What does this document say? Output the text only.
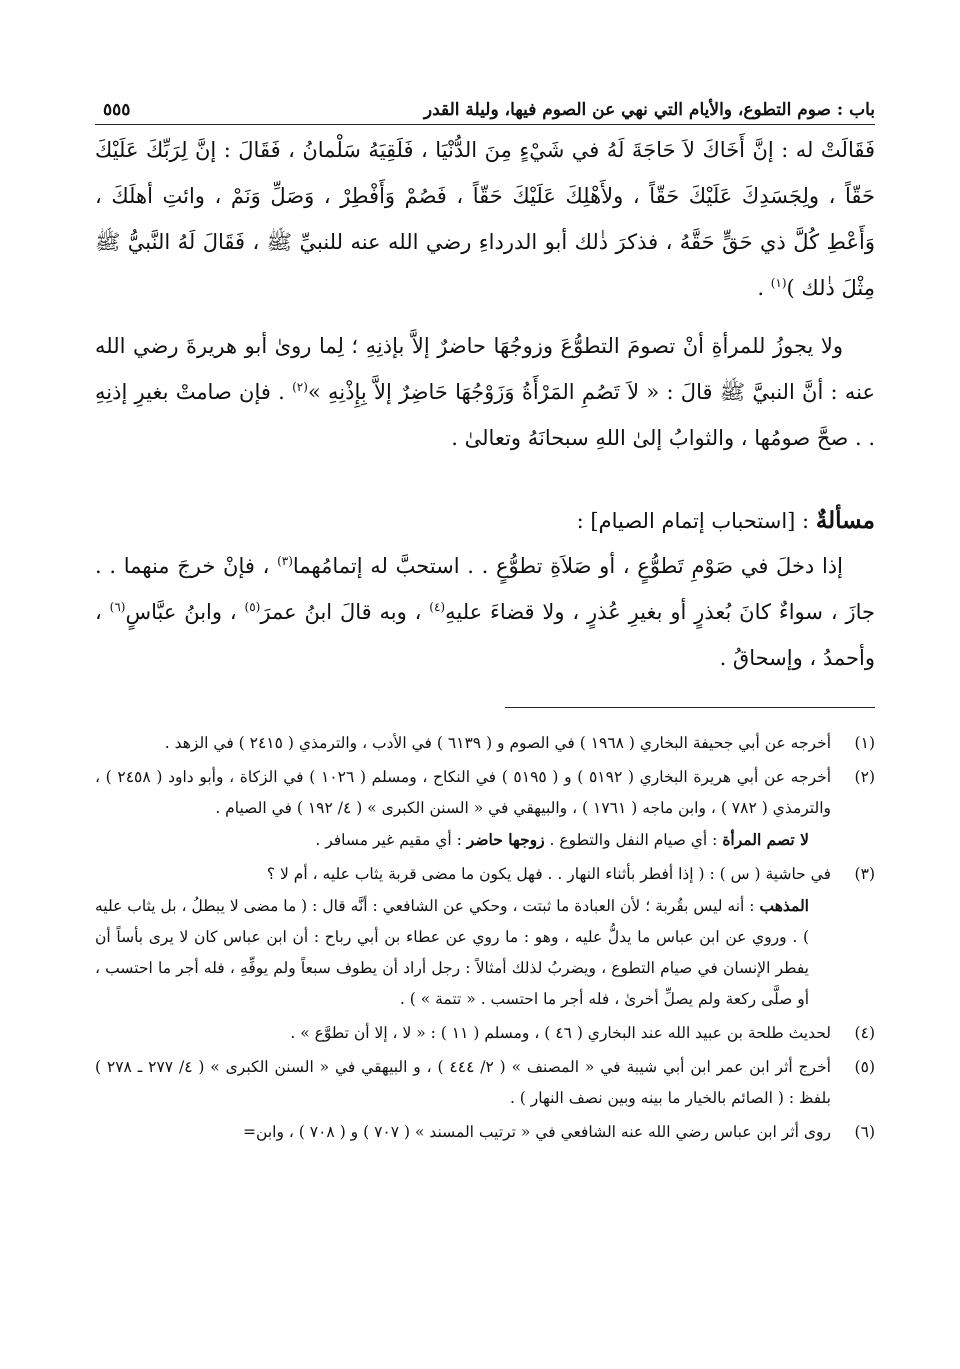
باب : صوم التطوع، والأيام التي نهي عن الصوم فيها، وليلة القدر
٥٥٥

فَقَالَتْ له : إنَّ أَخَاكَ لاَ حَاجَةَ لَهُ في شَيْءٍ مِنَ الدُّنْيَا ، فَلَقِيَهُ سَلْمانُ ، فَقَالَ : إنَّ لِرَبِّكَ عَلَيْكَ حَقّاً ، ولِجَسَدِكَ عَلَيْكَ حَقّاً ، ولأَهْلِكَ عَلَيْكَ حَقّاً ، فَصُمْ وَأَفْطِرْ ، وَصَلِّ وَنَمْ ، وائتِ أهلَكَ ، وَأَعْطِ كُلَّ ذي حَقٍّ حَقَّهُ ، فذكرَ ذٰلك أبو الدرداءِ رضي الله عنه للنبيِّ ﷺ ، فَقَالَ لَهُ النَّبيُّ ﷺ مِثْلَ ذٰلك )$^{(١)}$ .

ولا يجوزُ للمرأةِ أنْ تصومَ التطوُّعَ وزوجُهَا حاضرٌ إلاَّ بإذنِهِ ؛ لِما روىٰ أبو هريرةَ رضي الله عنه : أنَّ النبيَّ ﷺ قالَ : « لاَ تَصُمِ المَرْأَةُ وَزَوْجُهَا حَاضِرٌ إلاَّ بِإِذْنِهِ »$^{(٢)}$ . فإن صامتْ بغيرِ إذنِهِ . . صحَّ صومُها ، والثوابُ إلىٰ اللهِ سبحانَهُ وتعالىٰ .

مسألةٌ : [استحباب إتمام الصيام] :

إذا دخلَ في صَوْمِ تَطوُّعٍ ، أو صَلاَةِ تطوُّعٍ . . استحبَّ له إتمامُهما$^{(٣)}$ ، فإنْ خرجَ منهما . . جازَ ، سواءٌ كانَ بُعذرٍ أو بغيرِ عُذرٍ ، ولا قضاءَ عليهِ$^{(٤)}$ ، وبه قالَ ابنُ عمرَ$^{(٥)}$ ، وابنُ عبَّاسٍ$^{(٦)}$ ، وأحمدُ ، وإسحاقُ .

(١)

أخرجه عن أبي جحيفة البخاري ( ١٩٦٨ ) في الصوم و ( ٦١٣٩ ) في الأدب ، والترمذي ( ٢٤١٥ ) في الزهد .

(٢)

أخرجه عن أبي هريرة البخاري ( ٥١٩٢ ) و ( ٥١٩٥ ) في النكاح ، ومسلم ( ١٠٢٦ ) في الزكاة ، وأبو داود ( ٢٤٥٨ ) ، والترمذي ( ٧٨٢ ) ، وابن ماجه ( ١٧٦١ ) ، والبيهقي في « السنن الكبرى » ( ٤/ ١٩٢ ) في الصيام .

لا تصم المرأة : أي صيام النفل والتطوع . زوجها حاضر : أي مقيم غير مسافر .

(٣)

في حاشية ( س ) : ( إذا أفطر بأثناء النهار . . فهل يكون ما مضى قربة يثاب عليه ، أم لا ؟

المذهب : أنه ليس بقُربة ؛ لأن العبادة ما ثبتت ، وحكي عن الشافعي : أنَّه قال : ( ما مضى لا يبطلُ ، بل يثاب عليه ) . وروي عن ابن عباس ما يدلُّ عليه ، وهو : ما روي عن عطاء بن أبي رباح : أن ابن عباس كان لا يرى بأساً أن يفطر الإنسان في صيام التطوع ، ويضربُ لذلك أمثالاً : رجل أراد أن يطوف سبعاً ولم يوفِّهِ ، فله أجر ما احتسب ، أو صلَّى ركعة ولم يصلِّ أخرىٰ ، فله أجر ما احتسب . « تتمة » ) .

(٤)

لحديث طلحة بن عبيد الله عند البخاري ( ٤٦ ) ، ومسلم ( ١١ ) : « لا ، إلا أن تطوَّع » .

(٥)

أخرج أثر ابن عمر ابن أبي شيبة في « المصنف » ( ٢/ ٤٤٤ ) ، و البيهقي في « السنن الكبرى » ( ٤/ ٢٧٧ ـ ٢٧٨ ) بلفظ : ( الصائم بالخيار ما بينه وبين نصف النهار ) .

(٦)

روى أثر ابن عباس رضي الله عنه الشافعي في « ترتيب المسند » ( ٧٠٧ ) و ( ٧٠٨ ) ، وابن=
